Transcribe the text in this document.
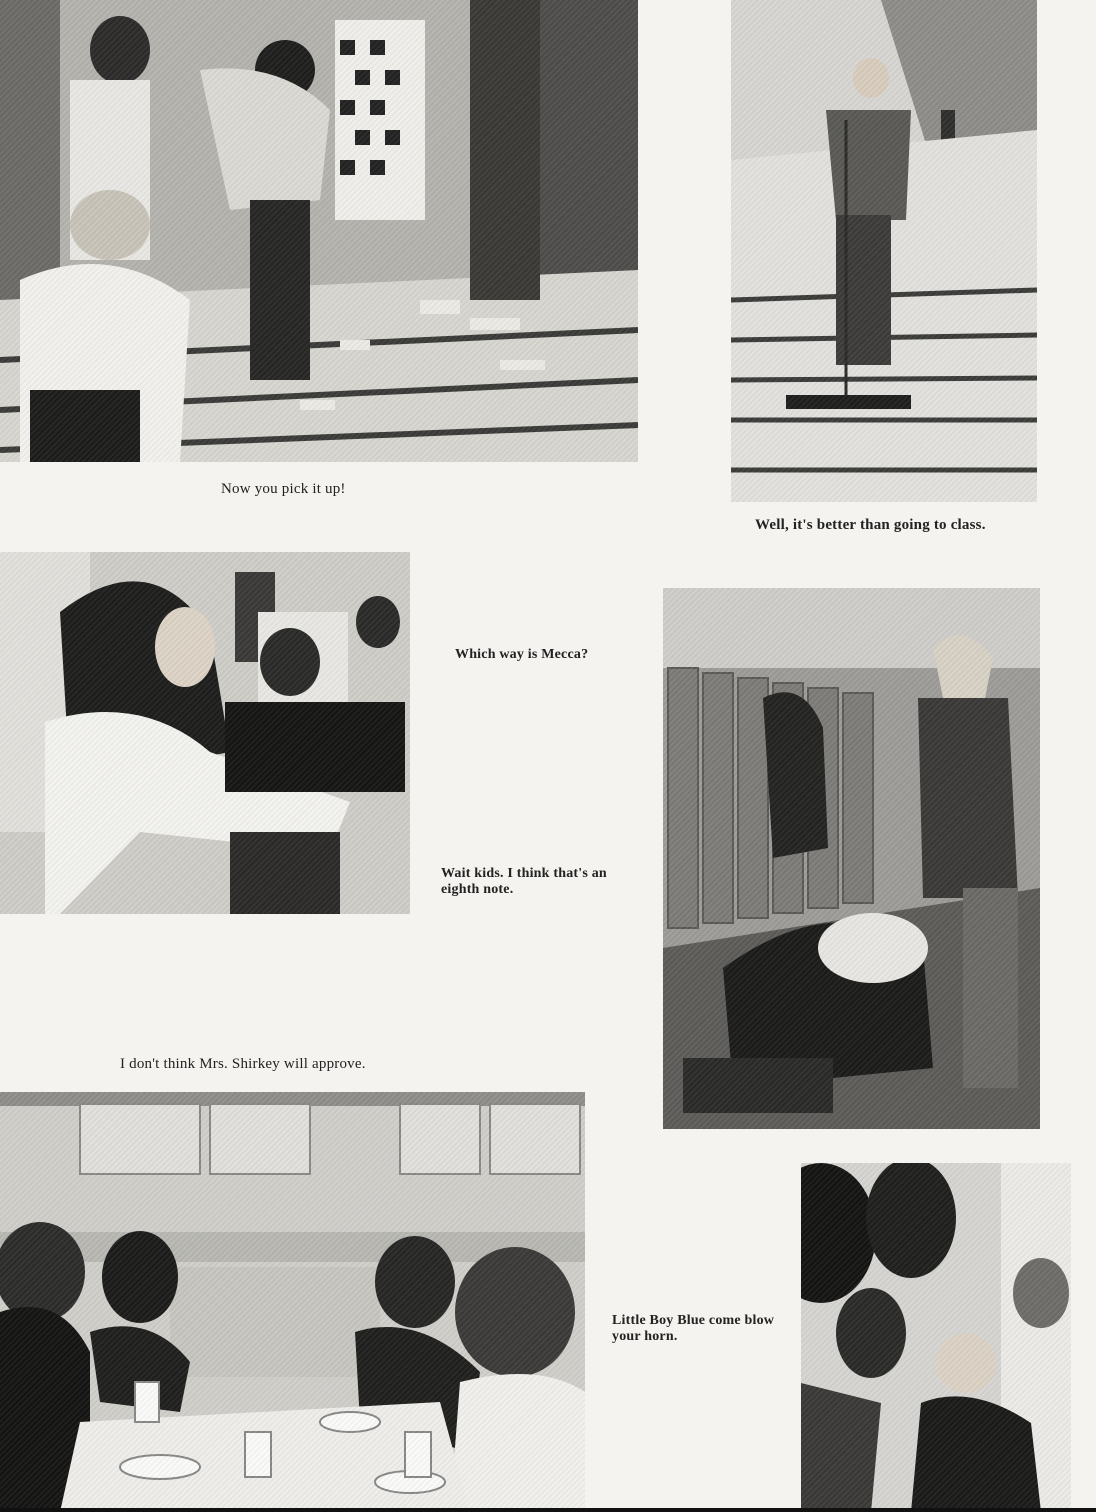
Now you pick it up!
Well, it's better than going to class.
Which way is Mecca?
Wait kids. I think that's an eighth note.
I don't think Mrs. Shirkey will approve.
Little Boy Blue come blow your horn.
